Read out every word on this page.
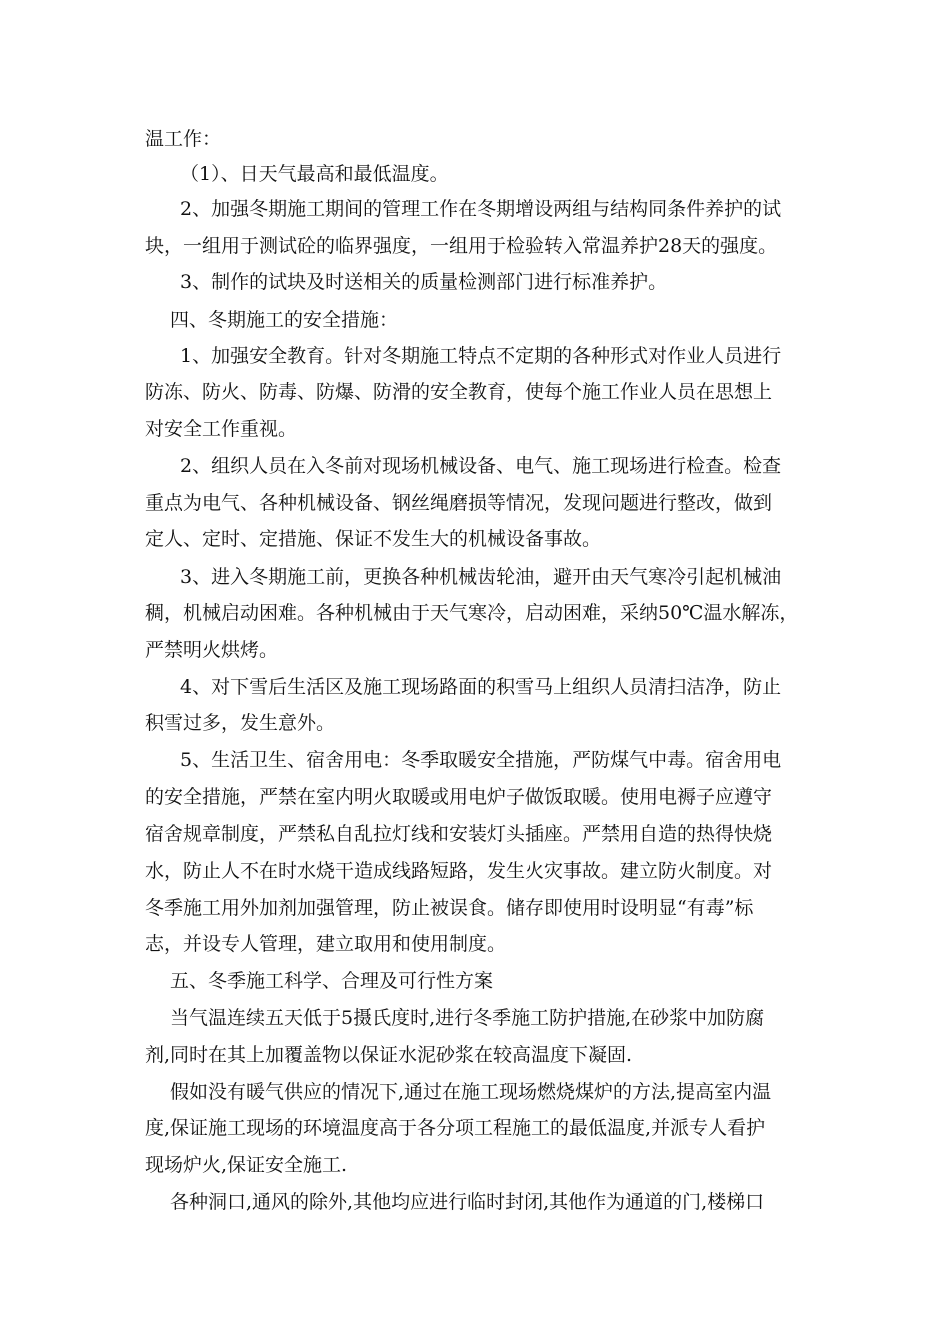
温工作：
（1）、日天气最高和最低温度。
2、加强冬期施工期间的管理工作在冬期增设两组与结构同条件养护的试
块，一组用于测试砼的临界强度，一组用于检验转入常温养护28天的强度。
3、制作的试块及时送相关的质量检测部门进行标准养护。
四、冬期施工的安全措施：
1、加强安全教育。针对冬期施工特点不定期的各种形式对作业人员进行
防冻、防火、防毒、防爆、防滑的安全教育，使每个施工作业人员在思想上
对安全工作重视。
2、组织人员在入冬前对现场机械设备、电气、施工现场进行检查。检查
重点为电气、各种机械设备、钢丝绳磨损等情况，发现问题进行整改，做到
定人、定时、定措施、保证不发生大的机械设备事故。
3、进入冬期施工前，更换各种机械齿轮油，避开由天气寒冷引起机械油
稠，机械启动困难。各种机械由于天气寒冷，启动困难，采纳50℃温水解冻，
严禁明火烘烤。
4、对下雪后生活区及施工现场路面的积雪马上组织人员清扫洁净，防止
积雪过多，发生意外。
5、生活卫生、宿舍用电：冬季取暖安全措施，严防煤气中毒。宿舍用电
的安全措施，严禁在室内明火取暖或用电炉子做饭取暖。使用电褥子应遵守
宿舍规章制度，严禁私自乱拉灯线和安装灯头插座。严禁用自造的热得快烧
水，防止人不在时水烧干造成线路短路，发生火灾事故。建立防火制度。对
冬季施工用外加剂加强管理，防止被误食。储存即使用时设明显“有毒”标
志，并设专人管理，建立取用和使用制度。
五、冬季施工科学、合理及可行性方案
当气温连续五天低于5摄氏度时,进行冬季施工防护措施,在砂浆中加防腐
剂,同时在其上加覆盖物以保证水泥砂浆在较高温度下凝固.
假如没有暖气供应的情况下,通过在施工现场燃烧煤炉的方法,提高室内温
度,保证施工现场的环境温度高于各分项工程施工的最低温度,并派专人看护
现场炉火,保证安全施工.
各种洞口,通风的除外,其他均应进行临时封闭,其他作为通道的门,楼梯口
